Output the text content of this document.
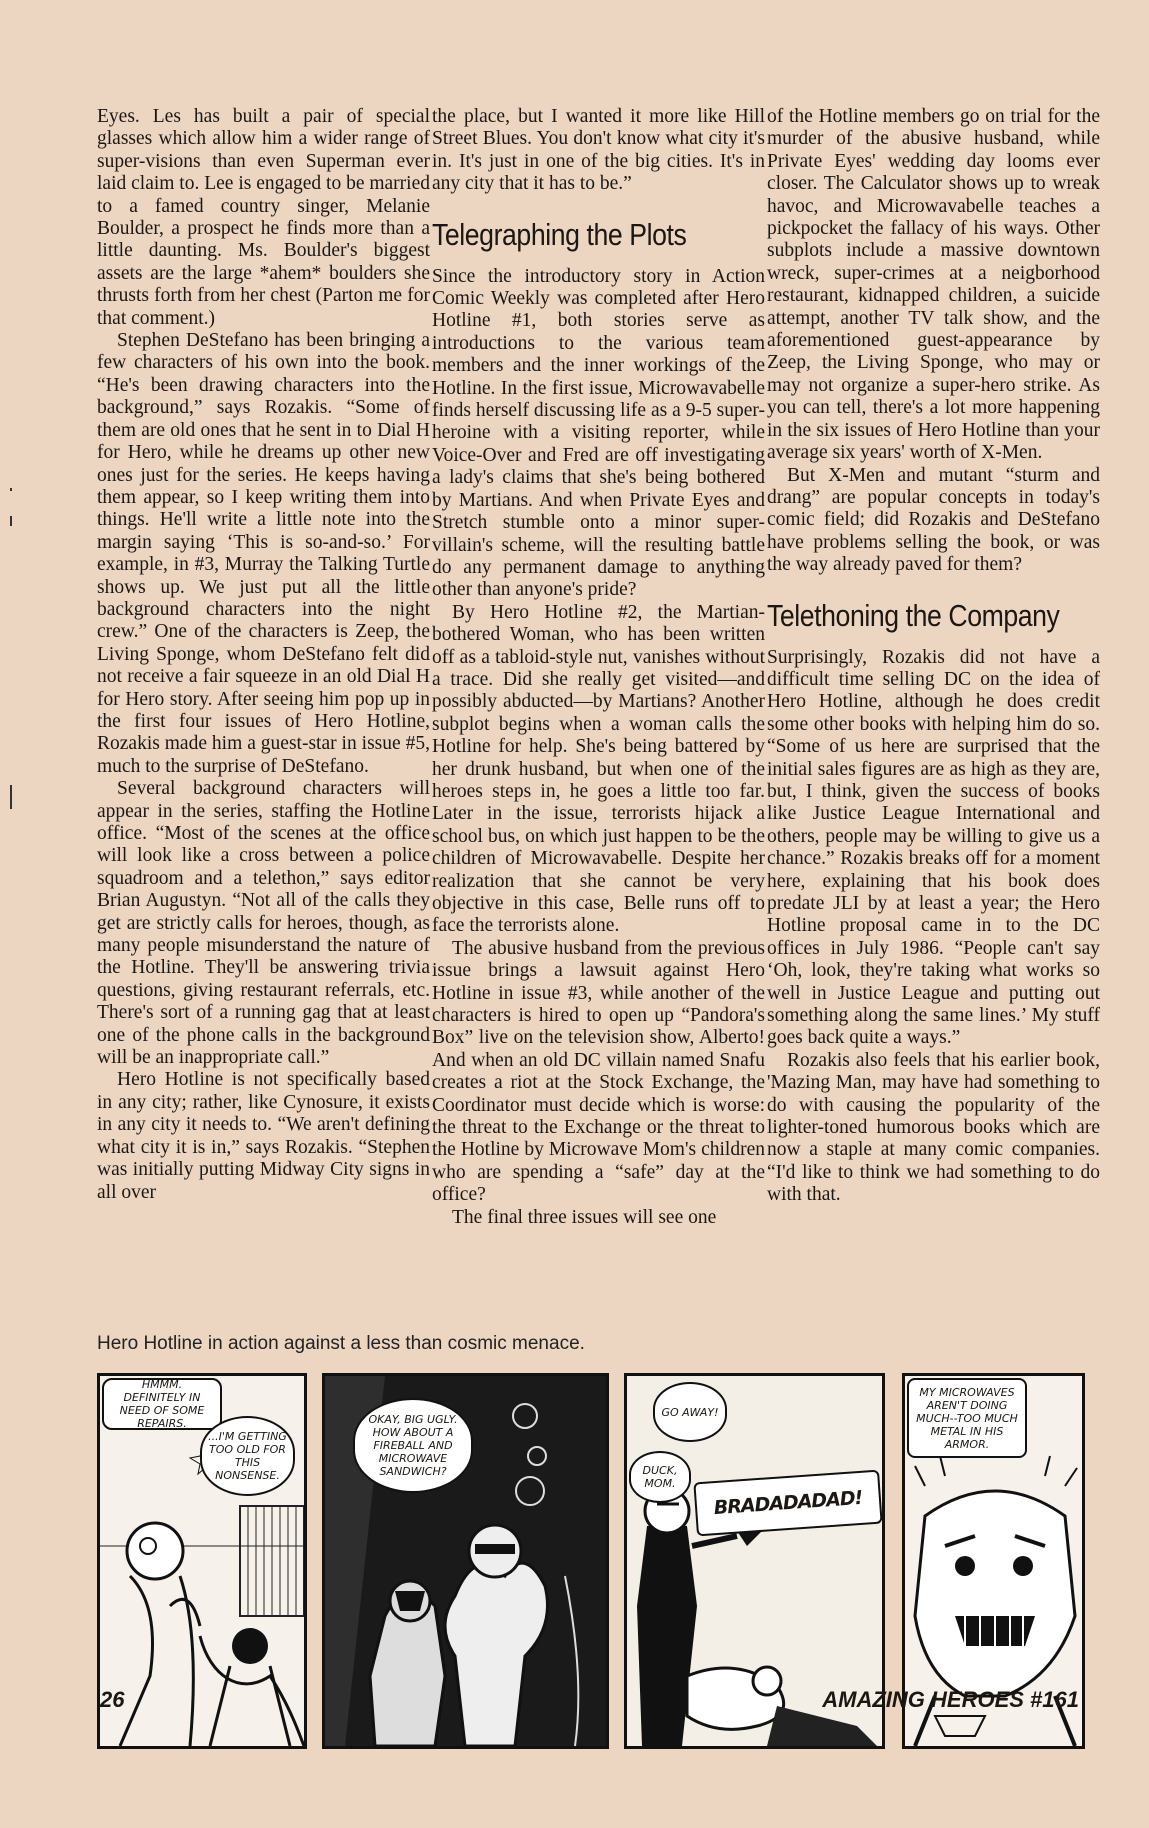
Eyes. Les has built a pair of special glasses which allow him a wider range of super-visions than even Superman ever laid claim to. Lee is engaged to be married to a famed country singer, Melanie Boulder, a prospect he finds more than a little daunting. Ms. Boulder's biggest assets are the large *ahem* boulders she thrusts forth from her chest (Parton me for that comment.)

Stephen DeStefano has been bringing a few characters of his own into the book. “He's been drawing characters into the background,” says Rozakis. “Some of them are old ones that he sent in to Dial H for Hero, while he dreams up other new ones just for the series. He keeps having them appear, so I keep writing them into things. He'll write a little note into the margin saying ‘This is so-and-so.’ For example, in #3, Murray the Talking Turtle shows up. We just put all the little background characters into the night crew.” One of the characters is Zeep, the Living Sponge, whom DeStefano felt did not receive a fair squeeze in an old Dial H for Hero story. After seeing him pop up in the first four issues of Hero Hotline, Rozakis made him a guest-star in issue #5, much to the surprise of DeStefano.

Several background characters will appear in the series, staffing the Hotline office. “Most of the scenes at the office will look like a cross between a police squadroom and a telethon,” says editor Brian Augustyn. “Not all of the calls they get are strictly calls for heroes, though, as many people misunderstand the nature of the Hotline. They'll be answering trivia questions, giving restaurant referrals, etc. There's sort of a running gag that at least one of the phone calls in the background will be an inappropriate call.”

Hero Hotline is not specifically based in any city; rather, like Cynosure, it exists in any city it needs to. “We aren't defining what city it is in,” says Rozakis. “Stephen was initially putting Midway City signs in all over

the place, but I wanted it more like Hill Street Blues. You don't know what city it's in. It's just in one of the big cities. It's in any city that it has to be.”

Telegraphing the Plots

Since the introductory story in Action Comic Weekly was completed after Hero Hotline #1, both stories serve as introductions to the various team members and the inner workings of the Hotline. In the first issue, Microwavabelle finds herself discussing life as a 9-5 super-heroine with a visiting reporter, while Voice-Over and Fred are off investigating a lady's claims that she's being bothered by Martians. And when Private Eyes and Stretch stumble onto a minor super-villain's scheme, will the resulting battle do any permanent damage to anything other than anyone's pride?

By Hero Hotline #2, the Martian-bothered Woman, who has been written off as a tabloid-style nut, vanishes without a trace. Did she really get visited—and possibly abducted—by Martians? Another subplot begins when a woman calls the Hotline for help. She's being battered by her drunk husband, but when one of the heroes steps in, he goes a little too far. Later in the issue, terrorists hijack a school bus, on which just happen to be the children of Microwavabelle. Despite her realization that she cannot be very objective in this case, Belle runs off to face the terrorists alone.

The abusive husband from the previous issue brings a lawsuit against Hero Hotline in issue #3, while another of the characters is hired to open up “Pandora's Box” live on the television show, Alberto! And when an old DC villain named Snafu creates a riot at the Stock Exchange, the Coordinator must decide which is worse: the threat to the Exchange or the threat to the Hotline by Microwave Mom's children who are spending a “safe” day at the office?

The final three issues will see one

of the Hotline members go on trial for the murder of the abusive husband, while Private Eyes' wedding day looms ever closer. The Calculator shows up to wreak havoc, and Microwavabelle teaches a pickpocket the fallacy of his ways. Other subplots include a massive downtown wreck, super-crimes at a neigborhood restaurant, kidnapped children, a suicide attempt, another TV talk show, and the aforementioned guest-appearance by Zeep, the Living Sponge, who may or may not organize a super-hero strike. As you can tell, there's a lot more happening in the six issues of Hero Hotline than your average six years' worth of X-Men.

But X-Men and mutant “sturm and drang” are popular concepts in today's comic field; did Rozakis and DeStefano have problems selling the book, or was the way already paved for them?

Telethoning the Company

Surprisingly, Rozakis did not have a difficult time selling DC on the idea of Hero Hotline, although he does credit some other books with helping him do so. “Some of us here are surprised that the initial sales figures are as high as they are, but, I think, given the success of books like Justice League International and others, people may be willing to give us a chance.” Rozakis breaks off for a moment here, explaining that his book does predate JLI by at least a year; the Hero Hotline proposal came in to the DC offices in July 1986. “People can't say ‘Oh, look, they're taking what works so well in Justice League and putting out something along the same lines.’ My stuff goes back quite a ways.”

Rozakis also feels that his earlier book, 'Mazing Man, may have had something to do with causing the popularity of the lighter-toned humorous books which are now a staple at many comic companies. “I'd like to think we had something to do with that.

Hero Hotline in action against a less than cosmic menace.
HMMM. DEFINITELY IN NEED OF SOME REPAIRS.
...I'M GETTING TOO OLD FOR THIS NONSENSE.
OKAY, BIG UGLY. HOW ABOUT A FIREBALL AND MICROWAVE SANDWICH?
GO AWAY!
DUCK, MOM.
BRADADADAD!
MY MICROWAVES AREN'T DOING MUCH--TOO MUCH METAL IN HIS ARMOR.
26	AMAZING HEROES #161
